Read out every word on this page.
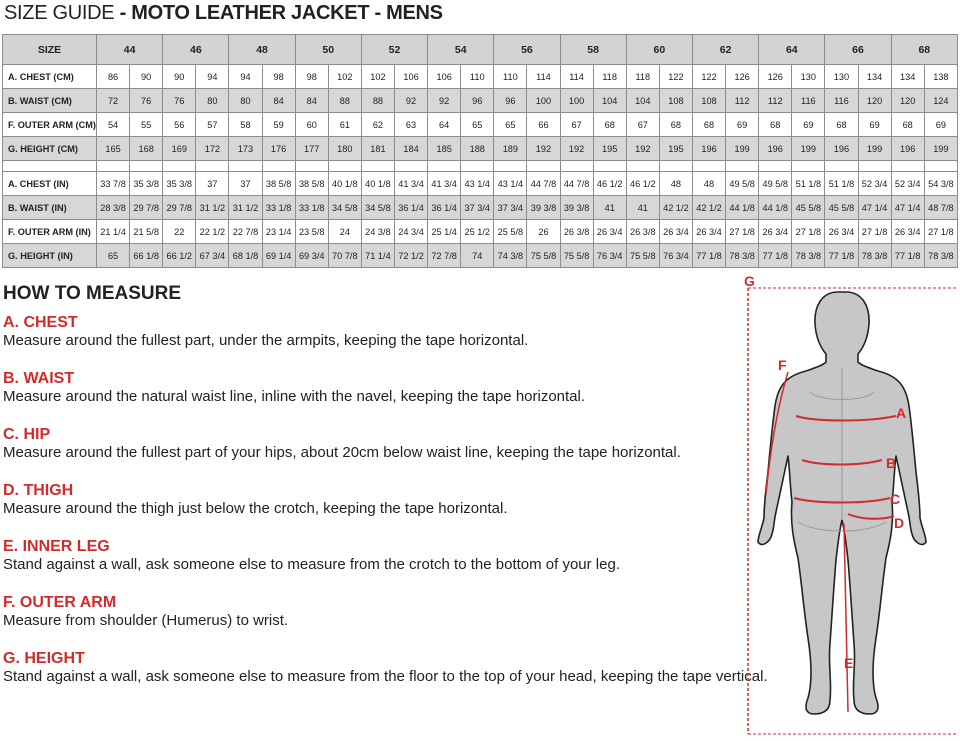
SIZE GUIDE - MOTO LEATHER JACKET - MENS
SIZE	44		46		48		50		52		54		56		58		60		62		64		66		68	
A. CHEST (CM)	86	90	90	94	94	98	98	102	102	106	106	110	110	114	114	118	118	122	122	126	126	130	130	134	134	138
B. WAIST (CM)	72	76	76	80	80	84	84	88	88	92	92	96	96	100	100	104	104	108	108	112	112	116	116	120	120	124
F. OUTER ARM (CM)	54	55	56	57	58	59	60	61	62	63	64	65	65	66	67	68	67	68	68	69	68	69	68	69	68	69
G. HEIGHT (CM)	165	168	169	172	173	176	177	180	181	184	185	188	189	192	192	195	192	195	196	199	196	199	196	199	196	199

A. CHEST (IN)	33 7/8	35 3/8	35 3/8	37	37	38 5/8	38 5/8	40 1/8	40 1/8	41 3/4	41 3/4	43 1/4	43 1/4	44 7/8	44 7/8	46 1/2	46 1/2	48	48	49 5/8	49 5/8	51 1/8	51 1/8	52 3/4	52 3/4	54 3/8
B. WAIST (IN)	28 3/8	29 7/8	29 7/8	31 1/2	31 1/2	33 1/8	33 1/8	34 5/8	34 5/8	36 1/4	36 1/4	37 3/4	37 3/4	39 3/8	39 3/8	41	41	42 1/2	42 1/2	44 1/8	44 1/8	45 5/8	45 5/8	47 1/4	47 1/4	48 7/8
F. OUTER ARM (IN)	21 1/4	21 5/8	22	22 1/2	22 7/8	23 1/4	23 5/8	24	24 3/8	24 3/4	25 1/4	25 1/2	25 5/8	26	26 3/8	26 3/4	26 3/8	26 3/4	26 3/4	27 1/8	26 3/4	27 1/8	26 3/4	27 1/8	26 3/4	27 1/8
G. HEIGHT (IN)	65	66 1/8	66 1/2	67 3/4	68 1/8	69 1/4	69 3/4	70 7/8	71 1/4	72 1/2	72 7/8	74	74 3/8	75 5/8	75 5/8	76 3/4	75 5/8	76 3/4	77 1/8	78 3/8	77 1/8	78 3/8	77 1/8	78 3/8	77 1/8	78 3/8
HOW TO MEASURE
A. CHEST
Measure around the fullest part, under the armpits, keeping the tape horizontal.
B. WAIST
Measure around the natural waist line, inline with the navel, keeping the tape horizontal.
C. HIP
Measure around the fullest part of your hips, about 20cm below waist line, keeping the tape horizontal.
D. THIGH
Measure around the thigh just below the crotch, keeping the tape horizontal.
E. INNER LEG
Stand against a wall, ask someone else to measure from the crotch to the bottom of your leg.
F. OUTER ARM
Measure from shoulder (Humerus) to wrist.
G. HEIGHT
Stand against a wall, ask someone else to measure from the floor to the top of your head, keeping the tape vertical.
G
F
A
B
C
D
E
